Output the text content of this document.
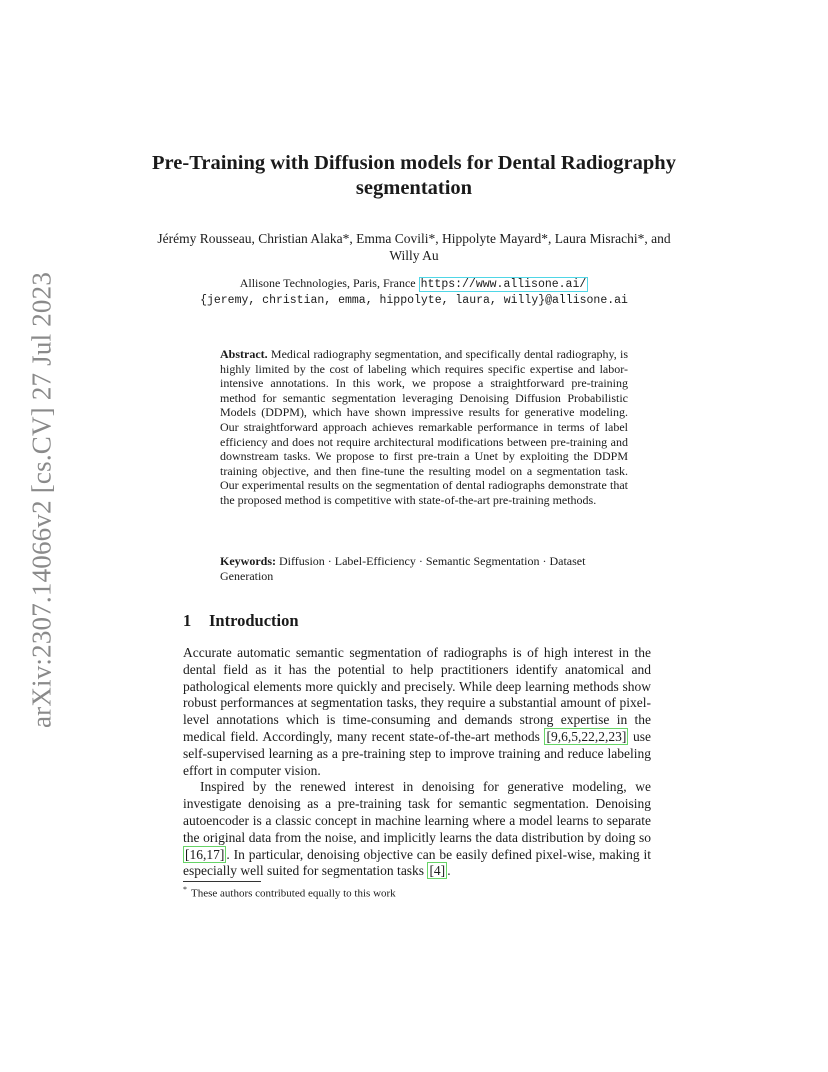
arXiv:2307.14066v2 [cs.CV] 27 Jul 2023
Pre-Training with Diffusion models for Dental Radiography segmentation
Jérémy Rousseau, Christian Alaka*, Emma Covili*, Hippolyte Mayard*, Laura Misrachi*, and Willy Au
Allisone Technologies, Paris, France https://www.allisone.ai/
{jeremy, christian, emma, hippolyte, laura, willy}@allisone.ai
Abstract. Medical radiography segmentation, and specifically dental radiography, is highly limited by the cost of labeling which requires specific expertise and labor-intensive annotations. In this work, we propose a straightforward pre-training method for semantic segmentation leveraging Denoising Diffusion Probabilistic Models (DDPM), which have shown impressive results for generative modeling. Our straightforward approach achieves remarkable performance in terms of label efficiency and does not require architectural modifications between pre-training and downstream tasks. We propose to first pre-train a Unet by exploiting the DDPM training objective, and then fine-tune the resulting model on a segmentation task. Our experimental results on the segmentation of dental radiographs demonstrate that the proposed method is competitive with state-of-the-art pre-training methods.
Keywords: Diffusion · Label-Efficiency · Semantic Segmentation · Dataset Generation
1 Introduction

Accurate automatic semantic segmentation of radiographs is of high interest in the dental field as it has the potential to help practitioners identify anatomical and pathological elements more quickly and precisely. While deep learning methods show robust performances at segmentation tasks, they require a substantial amount of pixel-level annotations which is time-consuming and demands strong expertise in the medical field. Accordingly, many recent state-of-the-art methods [9,6,5,22,2,23] use self-supervised learning as a pre-training step to improve training and reduce labeling effort in computer vision.

Inspired by the renewed interest in denoising for generative modeling, we investigate denoising as a pre-training task for semantic segmentation. Denoising autoencoder is a classic concept in machine learning where a model learns to separate the original data from the noise, and implicitly learns the data distribution by doing so [16,17] . In particular, denoising objective can be easily defined pixel-wise, making it especially well suited for segmentation tasks [4] .

* These authors contributed equally to this work
